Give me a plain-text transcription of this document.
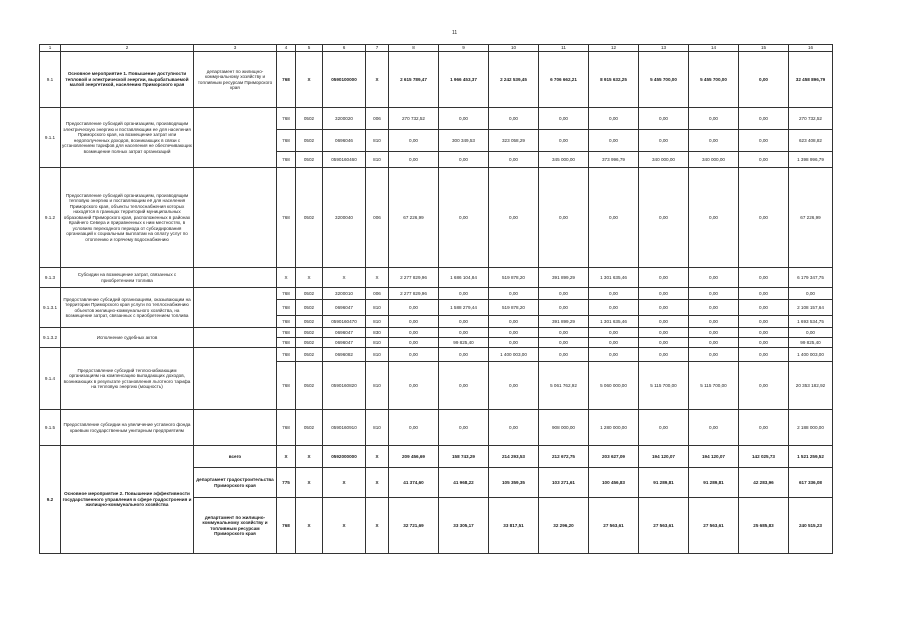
11
1	2	3	4	5	6	7	8	9	10	11	12	13	14	15	16
9.1	Основное мероприятие 1. Повышение доступности тепловой и электрической энергии, вырабатываемой малой энергетикой, населению Приморского края	департамент по жилищно-коммунальному хозяйству и топливным ресурсам Приморского края	768	X	0590100000	X	2 615 789,47	1 966 453,37	2 242 539,45	6 706 662,21	8 915 632,25	5 455 700,00	5 455 700,00	0,00	32 458 896,79
9.1.1	Предоставление субсидий организациям, производящим электрическую энергию и поставляющим ее для населения Приморского края, на возмещение затрат или недополученных доходов, возникающих в связи с установлением тарифов для населения не обеспечивающих возмещение полных затрат организаций		768	0502	3200020	006	270 732,52	0,00	0,00	0,00	0,00	0,00	0,00	0,00	270 732,52
			768	0502	0696046	810	0,00	300 349,53	323 058,29	0,00	0,00	0,00	0,00	0,00	623 408,82
			768	0502	0590160460	810	0,00	0,00	0,00	345 000,00	373 996,79	340 000,00	340 000,00	0,00	1 398 996,79
9.1.2	Предоставление субсидий организациям, производящим тепловую энергию и поставляющим её для населения Приморского края, объекты теплоснабжения которых находятся в границах территорий муниципальных образований Приморского края, расположенных в районах Крайнего Севера и приравненных к ним местностях, в условиях переходного периода от субсидирования организаций к социальным выплатам на оплату услуг по отоплению и горячему водоснабжению		768	0502	3200040	006	67 226,99	0,00	0,00	0,00	0,00	0,00	0,00	0,00	67 226,99
9.1.3	Субсидии на возмещение затрат, связанных с приобретением топлива		X	X	X	X	2 277 829,96	1 686 104,84	519 878,20	391 899,29	1 301 635,46	0,00	0,00	0,00	6 179 347,75
9.1.3.1	Предоставление субсидий организациям, оказывающим на территории Приморского края услуги по теплоснабжению объектов жилищно-коммунального хозяйства, на возмещение затрат, связанных с приобретением топлива		768	0502	3200010	006	2 277 829,96	0,00	0,00	0,00	0,00	0,00	0,00	0,00	0,00
			768	0502	0696047	810	0,00	1 588 279,44	519 878,20	0,00	0,00	0,00	0,00	0,00	2 108 157,64
			768	0502	0590160470	810	0,00	0,00	0,00	391 899,29	1 301 635,46	0,00	0,00	0,00	1 693 534,75
9.1.3.2	Исполнение судебных актов		768	0502	0696047	830	0,00	0,00	0,00	0,00	0,00	0,00	0,00	0,00	0,00
			768	0502	0696047	810	0,00	99 825,40	0,00	0,00	0,00	0,00	0,00	0,00	99 825,40
9.1.4	Предоставление субсидий теплоснабжающим организациям на компенсацию выпадающих доходов, возникающих в результате установления льготного тарифа на тепловую энергию (мощность)		768	0502	0696082	810	0,00	0,00	1 400 003,00	0,00	0,00	0,00	0,00	0,00	1 400 003,00
			768	0502	0590160820	810	0,00	0,00	0,00	5 061 762,92	5 060 000,00	5 115 700,00	5 115 700,00	0,00	20 353 182,92
9.1.5	Предоставление субсидии на увеличение уставного фонда краевым государственным унитарным предприятиям		768	0502	0590160910	810	0,00	0,00	0,00	908 000,00	1 280 000,00	0,00	0,00	0,00	2 188 000,00
9.2	Основное мероприятие 2. Повышение эффективности государственного управления в сфере градостроения и жилищно-коммунального хозяйства	всего	X	X	0592000000	X	209 456,69	158 743,29	214 293,53	212 672,75	203 627,09	194 120,07	194 120,07	142 025,73	1 521 259,52
		департамент градостроительства Приморского края	775	X	X	X	41 374,60	41 968,22	105 359,35	103 271,61	100 456,83	91 289,81	91 289,81	42 283,96	617 336,08
		департамент по жилищно-коммунальному хозяйству и топливным ресурсам Приморского края	768	X	X	X	32 721,69	33 305,17	33 817,51	32 296,20	27 563,61	27 563,61	27 563,61	25 685,83	240 515,23
